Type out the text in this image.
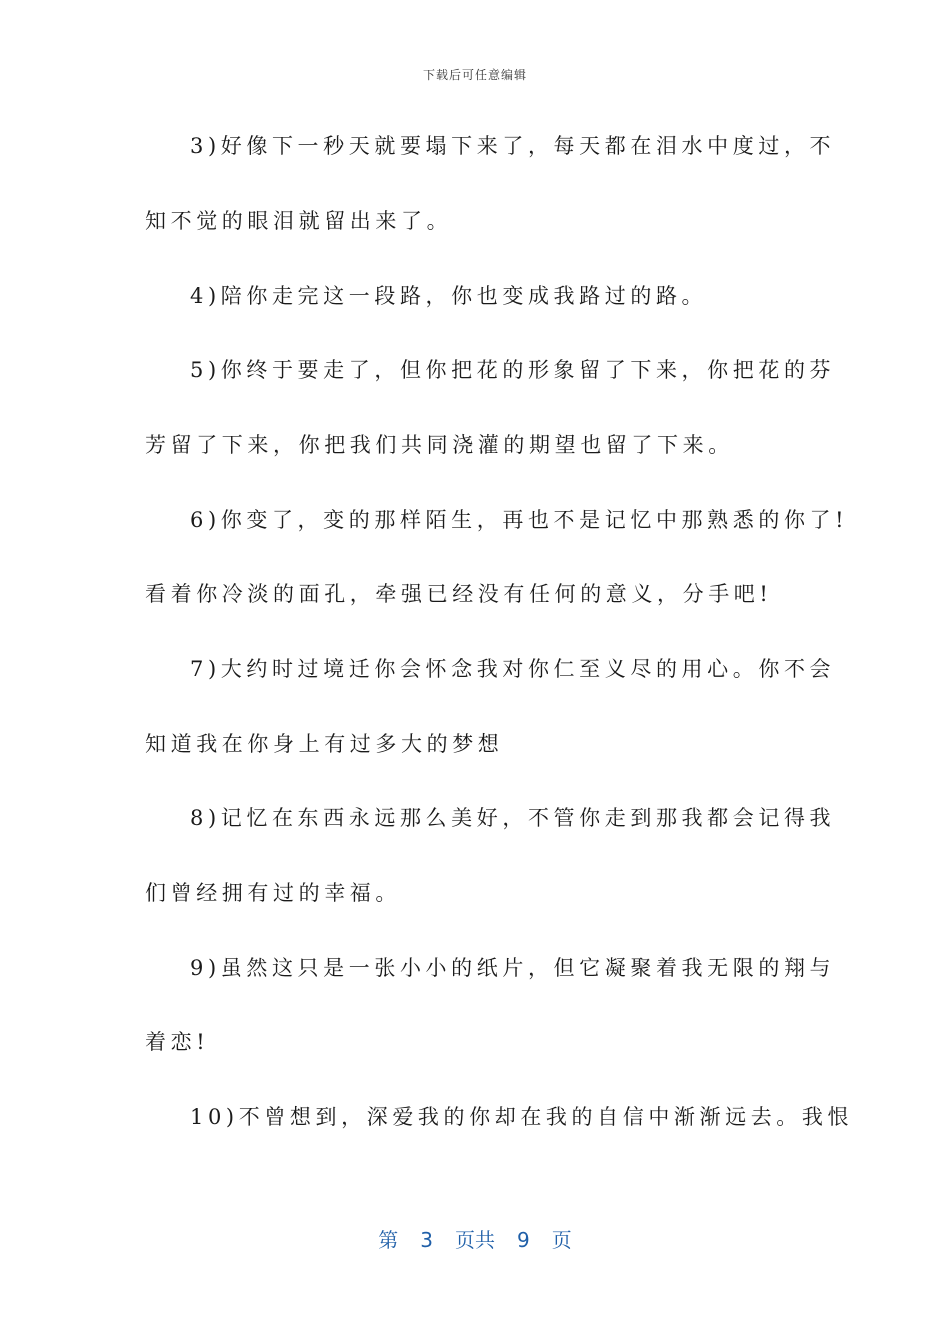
下载后可任意编辑
3)好像下一秒天就要塌下来了，每天都在泪水中度过，不
知不觉的眼泪就留出来了。
4)陪你走完这一段路，你也变成我路过的路。
5)你终于要走了，但你把花的形象留了下来，你把花的芬
芳留了下来，你把我们共同浇灌的期望也留了下来。
6)你变了，变的那样陌生，再也不是记忆中那熟悉的你了!
看着你冷淡的面孔，牵强已经没有任何的意义，分手吧!
7)大约时过境迁你会怀念我对你仁至义尽的用心。你不会
知道我在你身上有过多大的梦想
8)记忆在东西永远那么美好，不管你走到那我都会记得我
们曾经拥有过的幸福。
9)虽然这只是一张小小的纸片，但它凝聚着我无限的翔与
着恋!
10)不曾想到，深爱我的你却在我的自信中渐渐远去。我恨
第 3 页共 9 页
